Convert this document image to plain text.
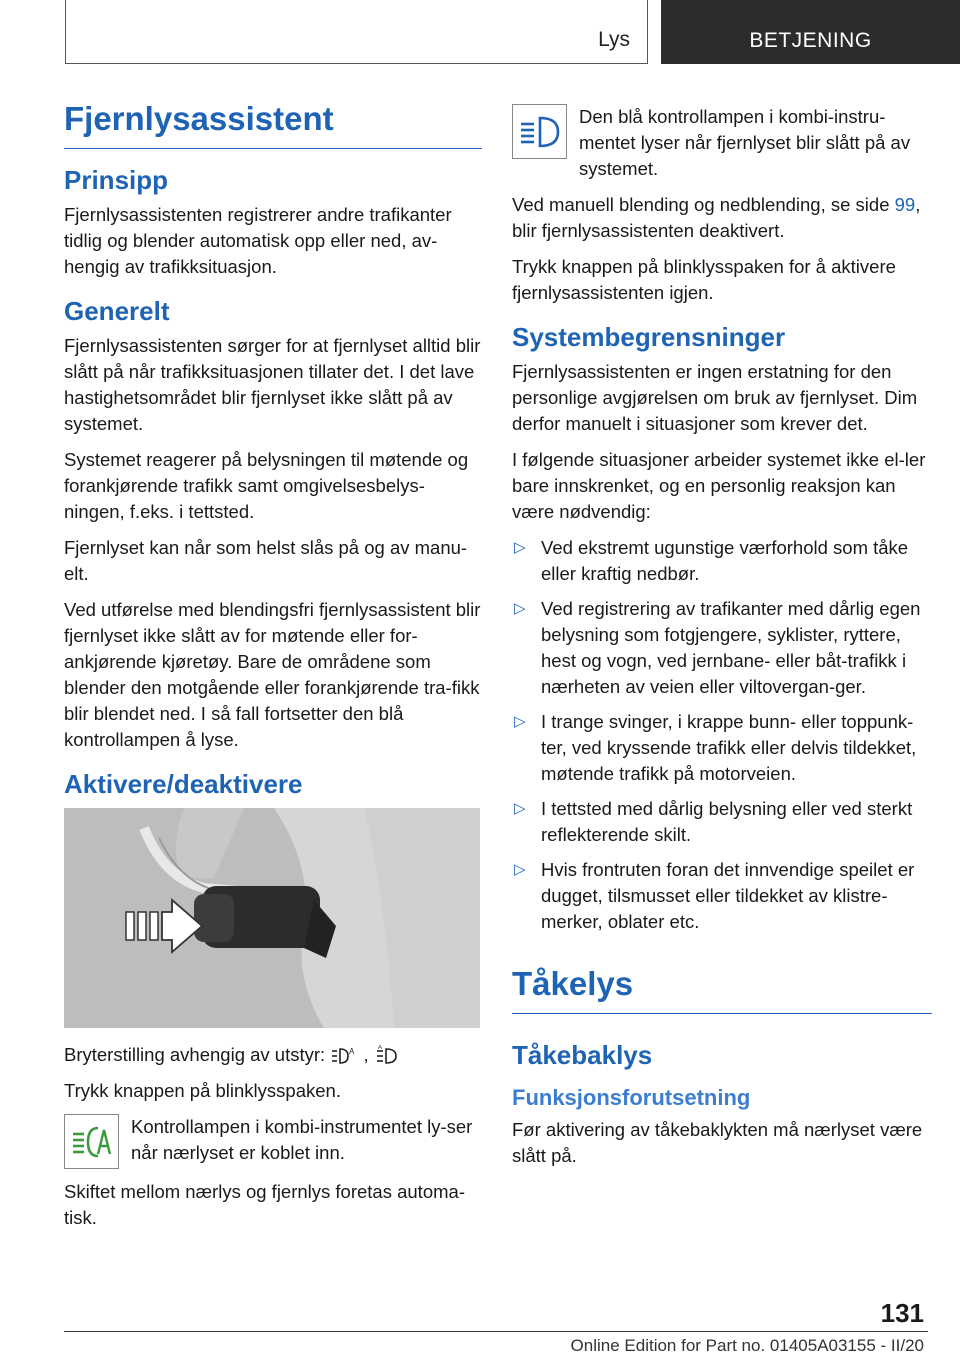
Lys	BETJENING
Fjernlysassistent
Prinsipp

Fjernlysassistenten registrerer andre trafikanter tidlig og blender automatisk opp eller ned, av-hengig av trafikksituasjon.

Generelt

Fjernlysassistenten sørger for at fjernlyset alltid blir slått på når trafikksituasjonen tillater det. I det lave hastighetsområdet blir fjernlyset ikke slått på av systemet.

Systemet reagerer på belysningen til møtende og forankjørende trafikk samt omgivelsesbelys-ningen, f.eks. i tettsted.

Fjernlyset kan når som helst slås på og av manu-elt.

Ved utførelse med blendingsfri fjernlysassistent blir fjernlyset ikke slått av for møtende eller for-ankjørende kjøretøy. Bare de områdene som blender den motgående eller forankjørende tra-fikk blir blendet ned. I så fall fortsetter den blå kontrollampen å lyse.

Aktivere/deaktivere

Bryterstilling avhengig av utstyr:	A , A

Trykk knappen på blinklysspaken.

Kontrollampen i kombi-instrumentet ly-ser når nærlyset er koblet inn.

Skiftet mellom nærlys og fjernlys foretas automa-tisk.

Den blå kontrollampen i kombi-instru-mentet lyser når fjernlyset blir slått på av systemet.

Ved manuell blending og nedblending, se side 99, blir fjernlysassistenten deaktivert.

Trykk knappen på blinklysspaken for å aktivere fjernlysassistenten igjen.

Systembegrensninger

Fjernlysassistenten er ingen erstatning for den personlige avgjørelsen om bruk av fjernlyset. Dim derfor manuelt i situasjoner som krever det.

I følgende situasjoner arbeider systemet ikke el-ler bare innskrenket, og en personlig reaksjon kan være nødvendig:

▷ Ved ekstremt ugunstige værforhold som tåke eller kraftig nedbør.
▷ Ved registrering av trafikanter med dårlig egen belysning som fotgjengere, syklister, ryttere, hest og vogn, ved jernbane- eller båt-trafikk i nærheten av veien eller viltovergan-ger.
▷ I trange svinger, i krappe bunn- eller toppunk-ter, ved kryssende trafikk eller delvis tildekket, møtende trafikk på motorveien.
▷ I tettsted med dårlig belysning eller ved sterkt reflekterende skilt.
▷ Hvis frontruten foran det innvendige speilet er dugget, tilsmusset eller tildekket av klistre-merker, oblater etc.
Tåkelys
Tåkebaklys
Funksjonsforutsetning

Før aktivering av tåkebaklykten må nærlyset være slått på.

131
Online Edition for Part no. 01405A03155 - II/20
